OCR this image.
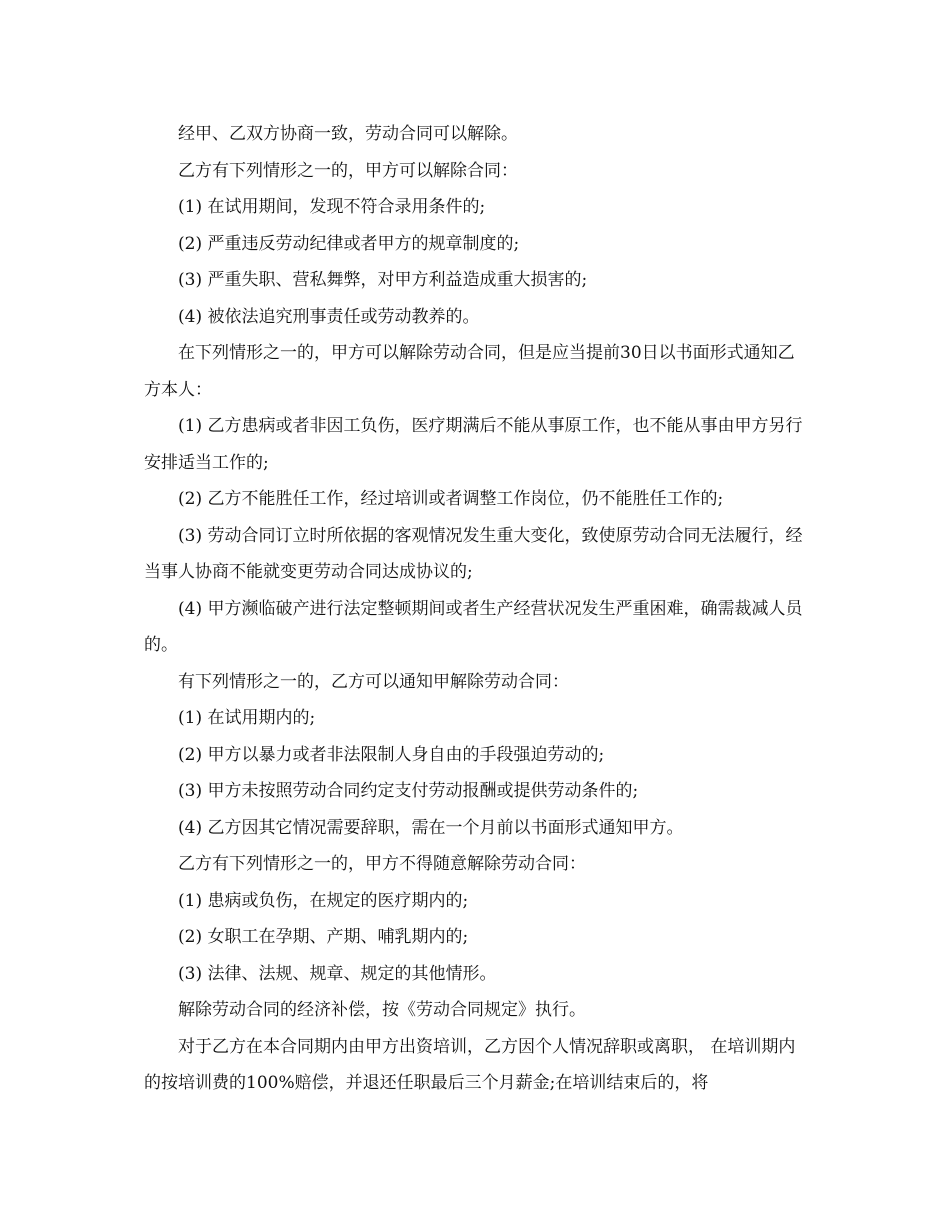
经甲、乙双方协商一致，劳动合同可以解除。

乙方有下列情形之一的，甲方可以解除合同：

(1) 在试用期间，发现不符合录用条件的;

(2) 严重违反劳动纪律或者甲方的规章制度的;

(3) 严重失职、营私舞弊，对甲方利益造成重大损害的;

(4) 被依法追究刑事责任或劳动教养的。

在下列情形之一的，甲方可以解除劳动合同，但是应当提前30日以书面形式通知乙方本人：

(1) 乙方患病或者非因工负伤，医疗期满后不能从事原工作，也不能从事由甲方另行安排适当工作的;

(2) 乙方不能胜任工作，经过培训或者调整工作岗位，仍不能胜任工作的;

(3) 劳动合同订立时所依据的客观情况发生重大变化，致使原劳动合同无法履行，经当事人协商不能就变更劳动合同达成协议的;

(4) 甲方濒临破产进行法定整顿期间或者生产经营状况发生严重困难，确需裁减人员的。

有下列情形之一的，乙方可以通知甲解除劳动合同：

(1) 在试用期内的;

(2) 甲方以暴力或者非法限制人身自由的手段强迫劳动的;

(3) 甲方未按照劳动合同约定支付劳动报酬或提供劳动条件的;

(4) 乙方因其它情况需要辞职，需在一个月前以书面形式通知甲方。

乙方有下列情形之一的，甲方不得随意解除劳动合同：

(1) 患病或负伤，在规定的医疗期内的;

(2) 女职工在孕期、产期、哺乳期内的;

(3) 法律、法规、规章、规定的其他情形。

解除劳动合同的经济补偿，按《劳动合同规定》执行。

对于乙方在本合同期内由甲方出资培训，乙方因个人情况辞职或离职， 在培训期内的按培训费的100%赔偿，并退还任职最后三个月薪金;在培训结束后的，将
